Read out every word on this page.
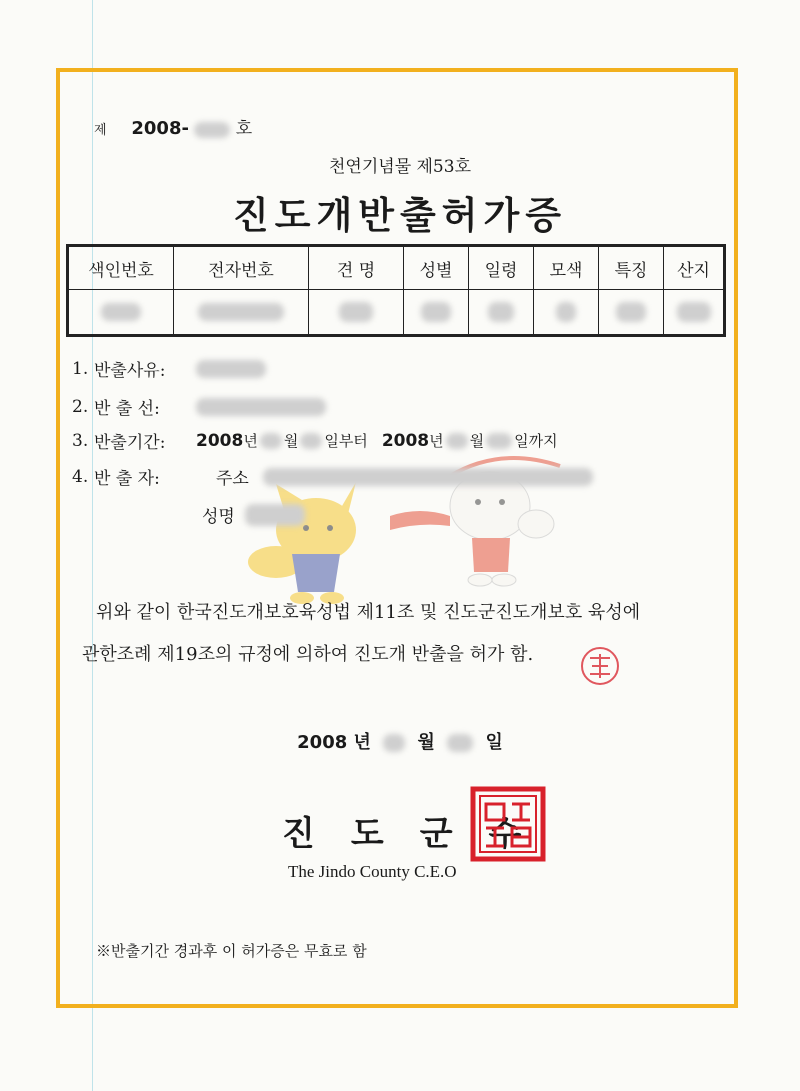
제 2008-	호
천연기념물 제53호
진도개반출허가증
색인번호	전자번호	견 명	성별	일령	모색	특징	산지

1. 반출사유:
2. 반 출 선:
3. 반출기간:	2008 년 월 일부터 2008 년 월 일까지
4. 반 출 자:	주소
성명
위와 같이 한국진도개보호육성법 제11조 및 진도군진도개보호 육성에
관한조례 제19조의 규정에 의하여 진도개 반출을 허가 함.
2008 년	월	일
진도군수
The Jindo County C.E.O
※반출기간 경과후 이 허가증은 무효로 함
